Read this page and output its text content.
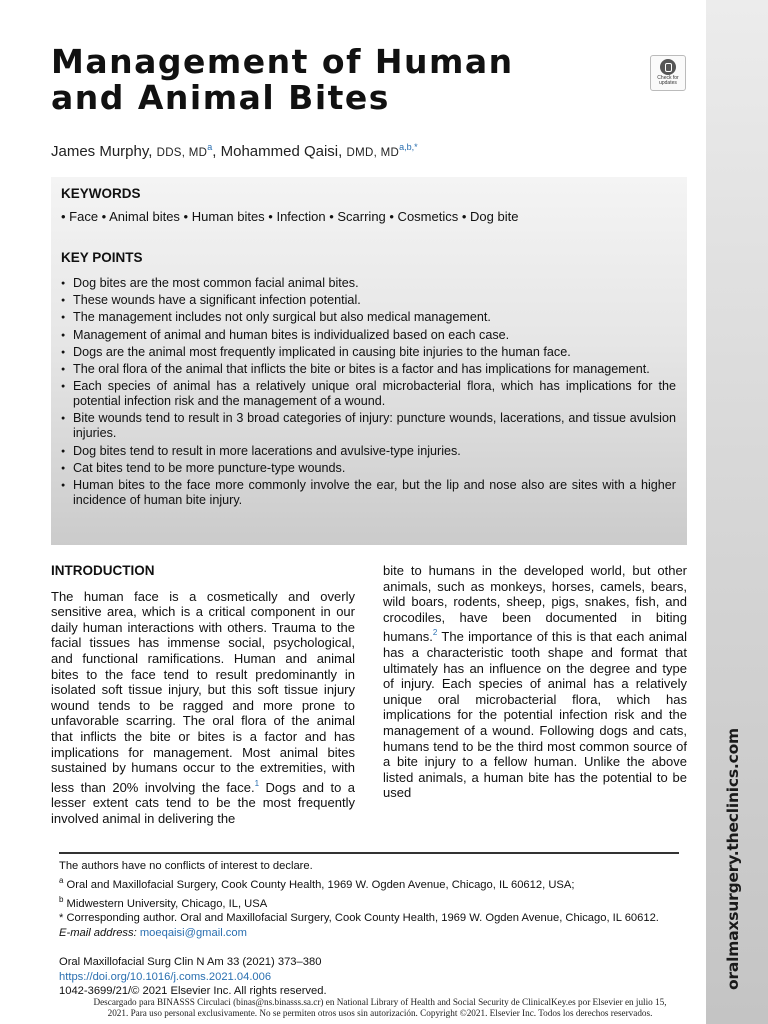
oralmaxsurgery.theclinics.com
Management of Human
and Animal Bites	Check for
updates
James Murphy, DDS, $MD^a$, Mohammed Qaisi, DMD, $MD^{a,b,*}$
KEYWORDS
• Face • Animal bites • Human bites • Infection • Scarring • Cosmetics • Dog bite
KEY POINTS
● Dog bites are the most common facial animal bites.
● These wounds have a significant infection potential.
● The management includes not only surgical but also medical management.
● Management of animal and human bites is individualized based on each case.
● Dogs are the animal most frequently implicated in causing bite injuries to the human face.
● The oral flora of the animal that inflicts the bite or bites is a factor and has implications for management.
● Each species of animal has a relatively unique oral microbacterial flora, which has implications for the potential infection risk and the management of a wound.
● Bite wounds tend to result in 3 broad categories of injury: puncture wounds, lacerations, and tissue avulsion injuries.
● Dog bites tend to result in more lacerations and avulsive-type injuries.
● Cat bites tend to be more puncture-type wounds.
● Human bites to the face more commonly involve the ear, but the lip and nose also are sites with a higher incidence of human bite injury.
INTRODUCTION

The human face is a cosmetically and overly sensitive area, which is a critical component in our daily human interactions with others. Trauma to the facial tissues has immense social, psychological, and functional ramifications. Human and animal bites to the face tend to result predominantly in isolated soft tissue injury, but this soft tissue injury wound tends to be ragged and more prone to unfavorable scarring. The oral flora of the animal that inflicts the bite or bites is a factor and has implications for management. Most animal bites sustained by humans occur to the extremities, with less than 20% involving the face.$^1$ Dogs and to a lesser extent cats tend to be the most frequently involved animal in delivering the

bite to humans in the developed world, but other animals, such as monkeys, horses, camels, bears, wild boars, rodents, sheep, pigs, snakes, fish, and crocodiles, have been documented in biting humans.$^2$ The importance of this is that each animal has a characteristic tooth shape and format that ultimately has an influence on the degree and type of injury. Each species of animal has a relatively unique oral microbacterial flora, which has implications for the potential infection risk and the management of a wound. Following dogs and cats, humans tend to be the third most common source of a bite injury to a fellow human. Unlike the above listed animals, a human bite has the potential to be used

The authors have no conflicts of interest to declare.

$^a$ Oral and Maxillofacial Surgery, Cook County Health, 1969 W. Ogden Avenue, Chicago, IL 60612, USA;

$^b$ Midwestern University, Chicago, IL, USA

* Corresponding author. Oral and Maxillofacial Surgery, Cook County Health, 1969 W. Ogden Avenue, Chicago, IL 60612.

E-mail address: moeqaisi@gmail.com

Oral Maxillofacial Surg Clin N Am 33 (2021) 373–380
https://doi.org/10.1016/j.coms.2021.04.006
1042-3699/21/© 2021 Elsevier Inc. All rights reserved.
Descargado para BINASSS Circulaci (binas@ns.binasss.sa.cr) en National Library of Health and Social Security de ClinicalKey.es por Elsevier en julio 15,
2021. Para uso personal exclusivamente. No se permiten otros usos sin autorización. Copyright ©2021. Elsevier Inc. Todos los derechos reservados.
